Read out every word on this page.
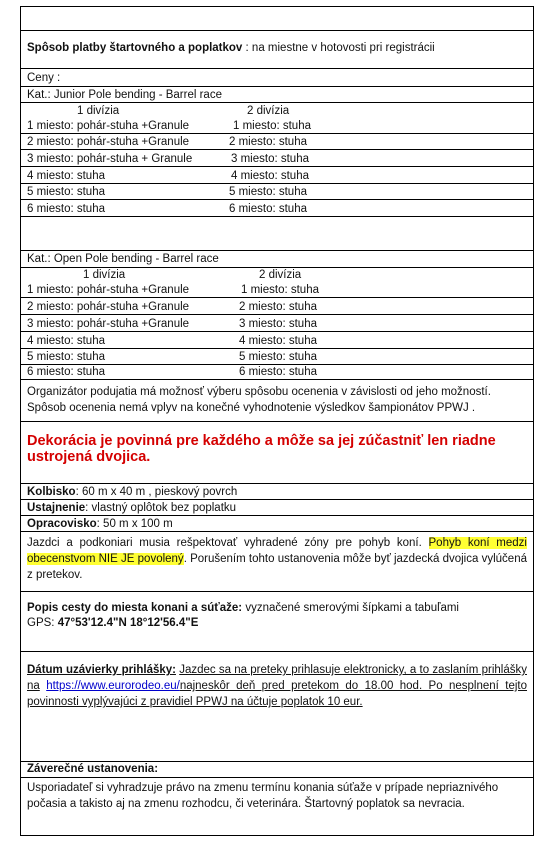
Spôsob platby štartovného a poplatkov : na miestne v hotovosti pri registrácii
Ceny :
Kat.: Junior Pole bending - Barrel race
1 divízia	2 divízia
1 miesto: pohár-stuha +Granule	1 miesto: stuha
2 miesto: pohár-stuha +Granule	2 miesto: stuha
3 miesto: pohár-stuha + Granule	3 miesto: stuha
4 miesto: stuha	4 miesto: stuha
5 miesto: stuha	5 miesto: stuha
6 miesto: stuha	6 miesto: stuha
Kat.: Open Pole bending - Barrel race
1 divízia	2 divízia
1 miesto: pohár-stuha +Granule	1 miesto: stuha
2 miesto: pohár-stuha +Granule	2 miesto: stuha
3 miesto: pohár-stuha +Granule	3 miesto: stuha
4 miesto: stuha	4 miesto: stuha
5 miesto: stuha	5 miesto: stuha
6 miesto: stuha	6 miesto: stuha
Organizátor podujatia má možnosť výberu spôsobu ocenenia v závislosti od jeho možností. Spôsob ocenenia nemá vplyv na konečné vyhodnotenie výsledkov šampionátov PPWJ .
Dekorácia je povinná pre každého a môže sa jej zúčastniť len riadne ustrojená dvojica.
Kolbisko: 60 m x 40 m , pieskový povrch
Ustajnenie: vlastný oplôtok bez poplatku
Opracovisko: 50 m x 100 m
Jazdci a podkoniari musia rešpektovať vyhradené zóny pre pohyb koní. Pohyb koní medzi obecenstvom NIE JE povolený. Porušením tohto ustanovenia môže byť jazdecká dvojica vylúčená z pretekov.
Popis cesty do miesta konani a súťaže: vyznačené smerovými šípkami a tabuľami
GPS: 47°53'12.4"N 18°12'56.4"E
Dátum uzávierky prihlášky: Jazdec sa na preteky prihlasuje elektronicky, a to zaslaním prihlášky na https://www.eurorodeo.eu/najneskôr deň pred pretekom do 18.00 hod. Po nesplnení tejto povinnosti vyplývajúci z pravidiel PPWJ na účtuje poplatok 10 eur.
Záverečné ustanovenia:
Usporiadateľ si vyhradzuje právo na zmenu termínu konania súťaže v prípade nepriaznivého počasia a takisto aj na zmenu rozhodcu, či veterinára. Štartovný poplatok sa nevracia.
